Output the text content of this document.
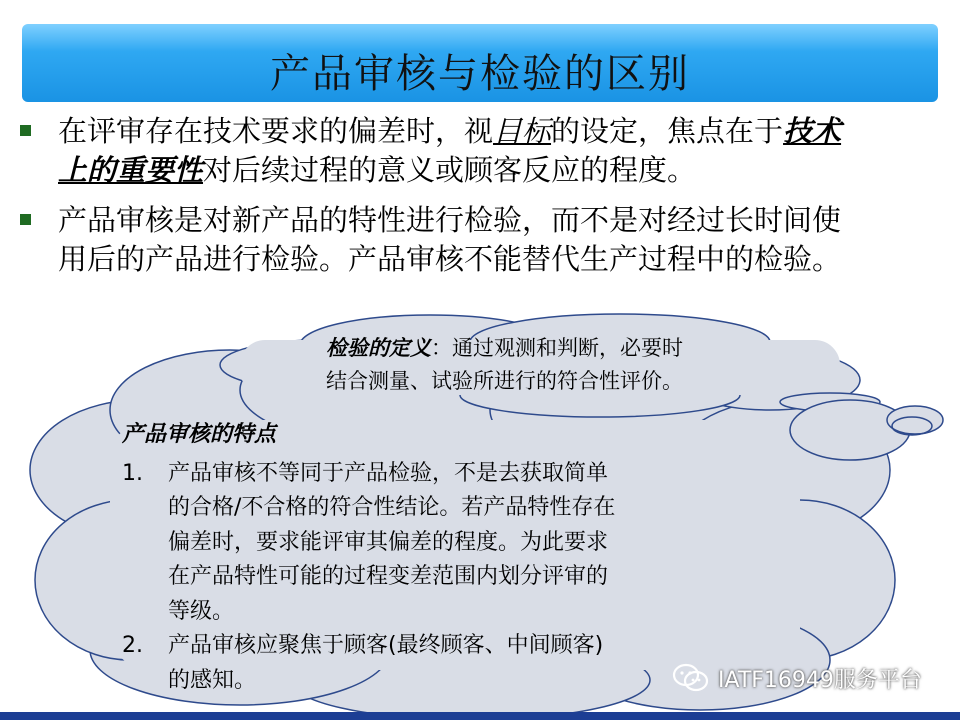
产品审核与检验的区别
在评审存在技术要求的偏差时，视目标的设定，焦点在于技术
上的重要性对后续过程的意义或顾客反应的程度。
产品审核是对新产品的特性进行检验，而不是对经过长时间使
用后的产品进行检验。产品审核不能替代生产过程中的检验。
检验的定义：通过观测和判断，必要时
结合测量、试验所进行的符合性评价。
产品审核的特点
1. 产品审核不等同于产品检验，不是去获取简单
的合格/不合格的符合性结论。若产品特性存在
偏差时，要求能评审其偏差的程度。为此要求
在产品特性可能的过程变差范围内划分评审的
等级。
2. 产品审核应聚焦于顾客(最终顾客、中间顾客)
的感知。	IATF16949服务平台
